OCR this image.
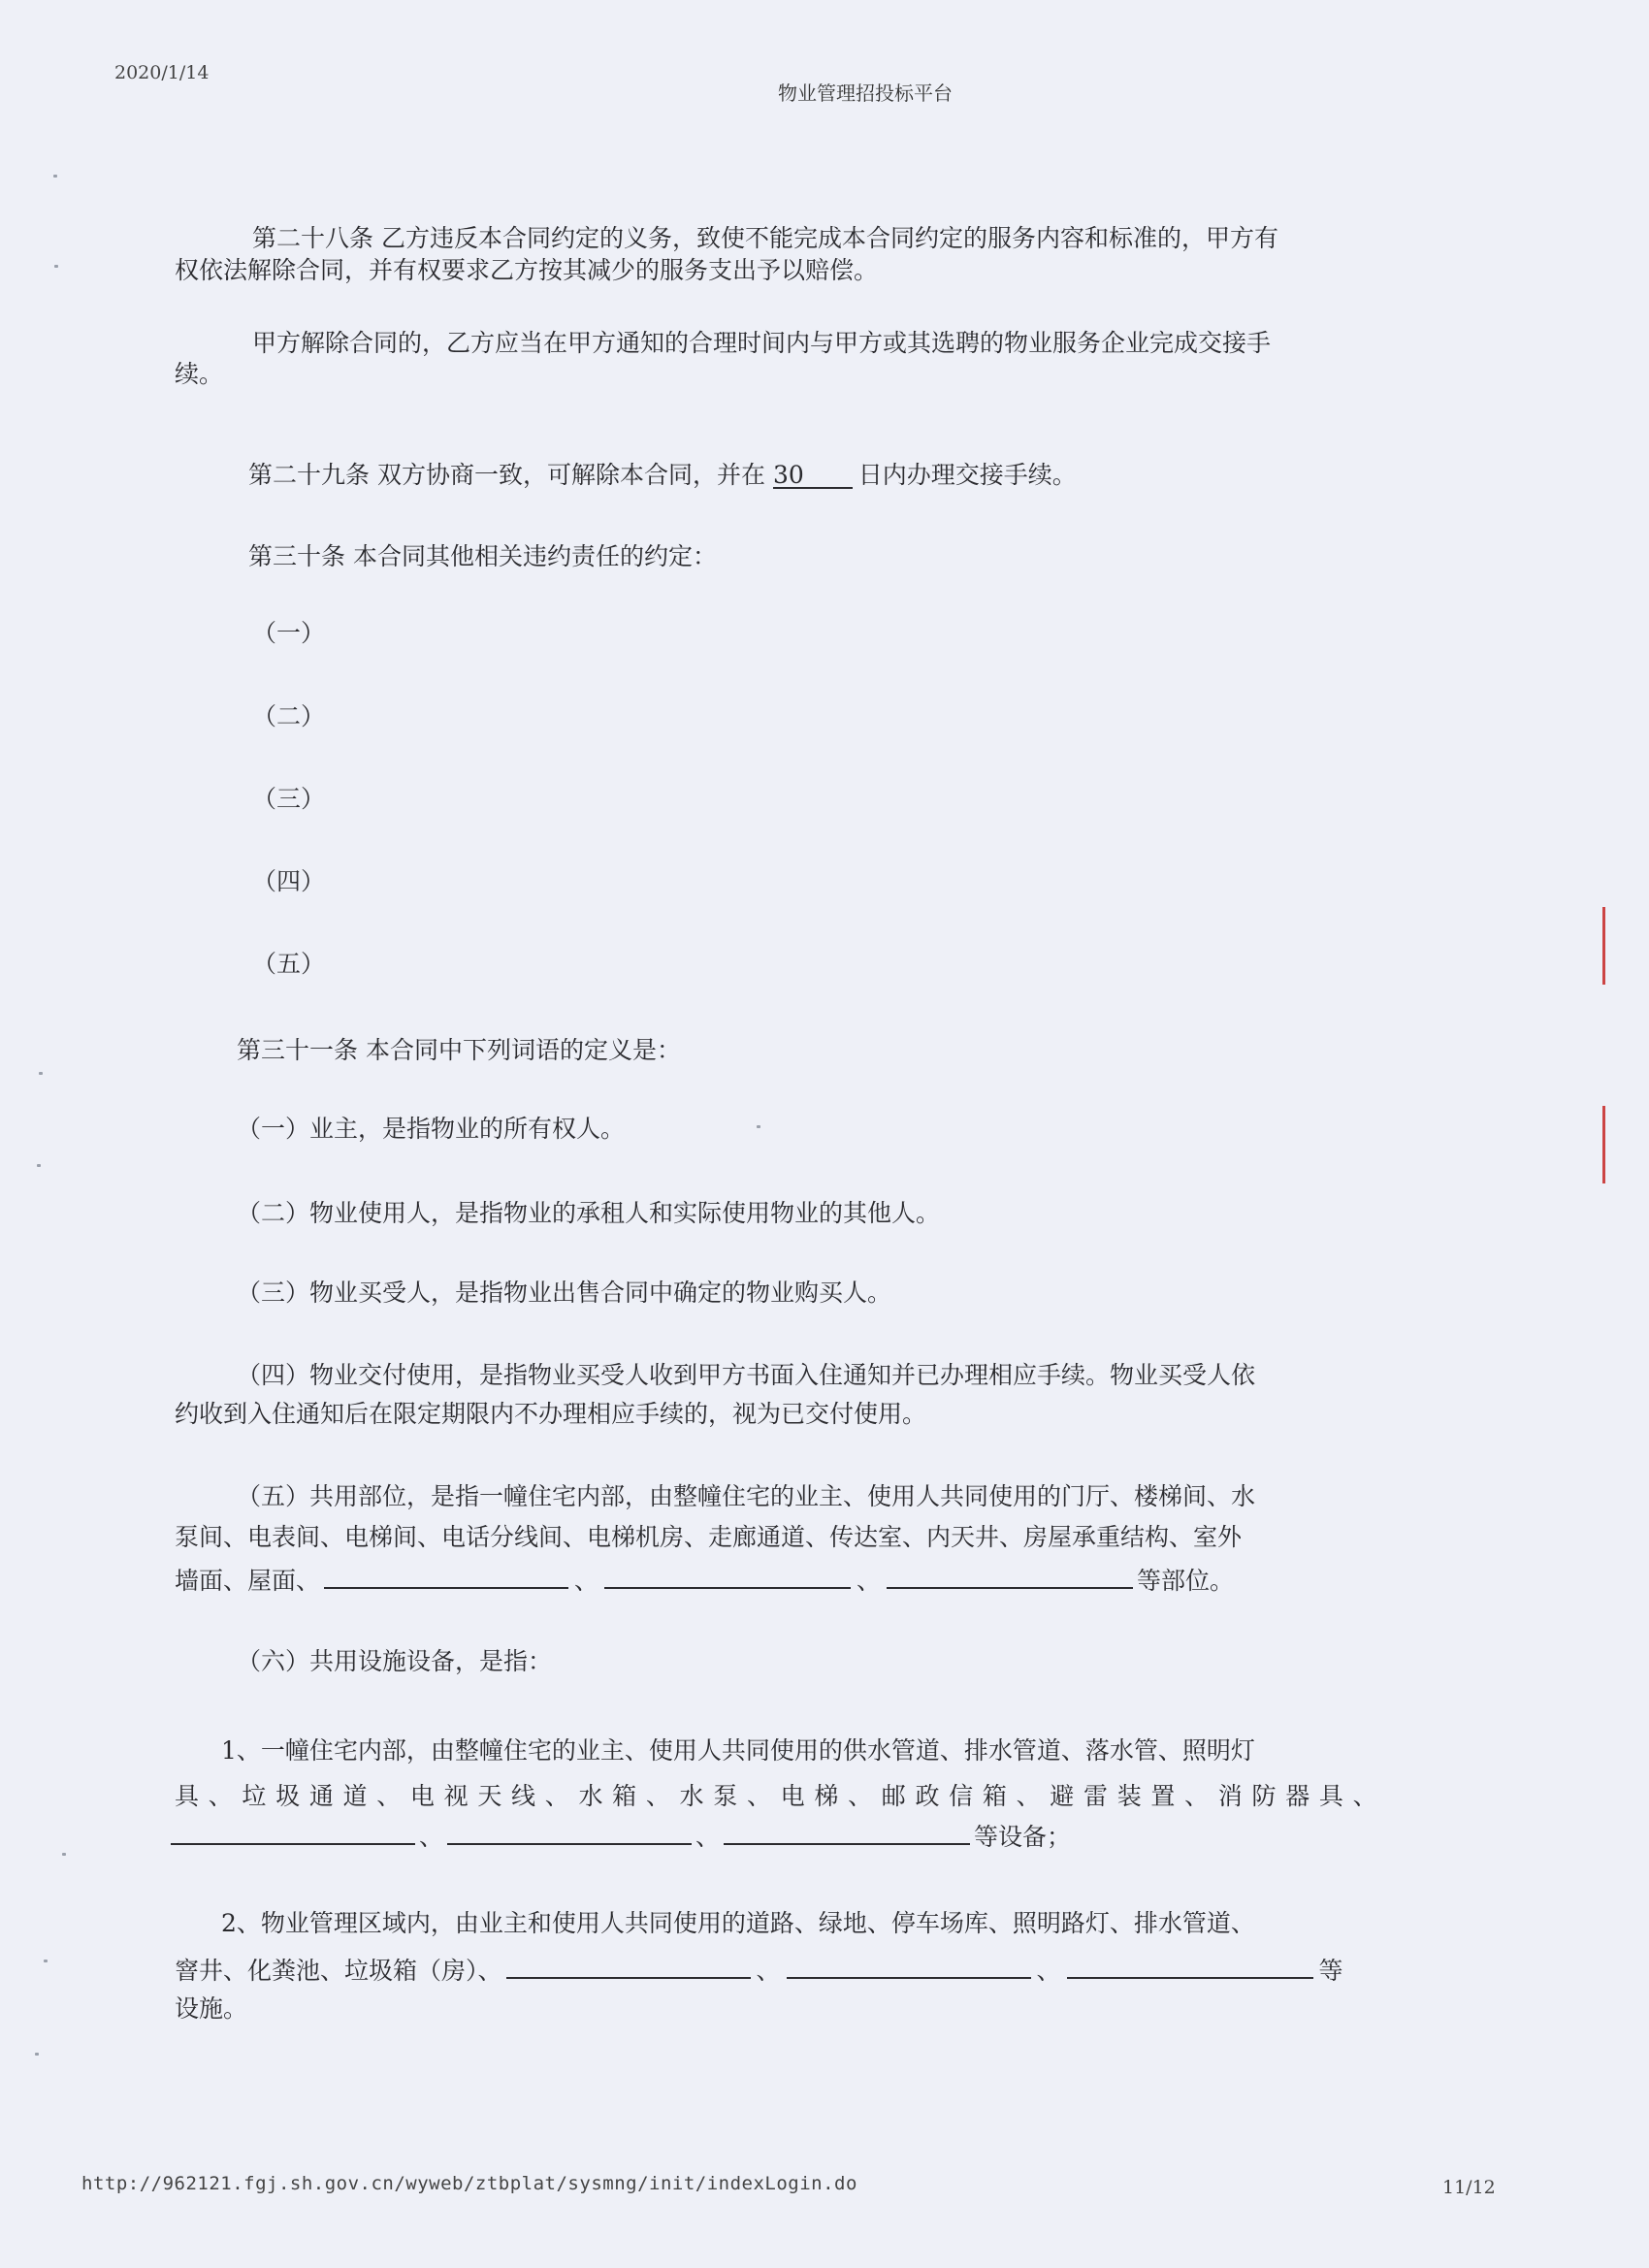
2020/1/14
物业管理招投标平台
第二十八条 乙方违反本合同约定的义务，致使不能完成本合同约定的服务内容和标准的，甲方有
权依法解除合同，并有权要求乙方按其减少的服务支出予以赔偿。
甲方解除合同的，乙方应当在甲方通知的合理时间内与甲方或其选聘的物业服务企业完成交接手
续。
第二十九条 双方协商一致，可解除本合同，并在 30 日内办理交接手续。
第三十条 本合同其他相关违约责任的约定：
（一）
（二）
（三）
（四）
（五）
第三十一条 本合同中下列词语的定义是：
（一）业主，是指物业的所有权人。
（二）物业使用人，是指物业的承租人和实际使用物业的其他人。
（三）物业买受人，是指物业出售合同中确定的物业购买人。
（四）物业交付使用，是指物业买受人收到甲方书面入住通知并已办理相应手续。物业买受人依
约收到入住通知后在限定期限内不办理相应手续的，视为已交付使用。
（五）共用部位，是指一幢住宅内部，由整幢住宅的业主、使用人共同使用的门厅、楼梯间、水
泵间、电表间、电梯间、电话分线间、电梯机房、走廊通道、传达室、内天井、房屋承重结构、室外
墙面、屋面、	、	、	等部位。
（六）共用设施设备，是指：
1、一幢住宅内部，由整幢住宅的业主、使用人共同使用的供水管道、排水管道、落水管、照明灯
具 、 垃 圾 通 道 、 电 视 天 线 、 水 箱 、 水 泵 、 电 梯 、 邮 政 信 箱 、 避 雷 装 置 、 消 防 器 具 、
、	、	等设备；
2、物业管理区域内，由业主和使用人共同使用的道路、绿地、停车场库、照明路灯、排水管道、
窨井、化粪池、垃圾箱（房）、	、	、	等
设施。
http://962121.fgj.sh.gov.cn/wyweb/ztbplat/sysmng/init/indexLogin.do	11/12
